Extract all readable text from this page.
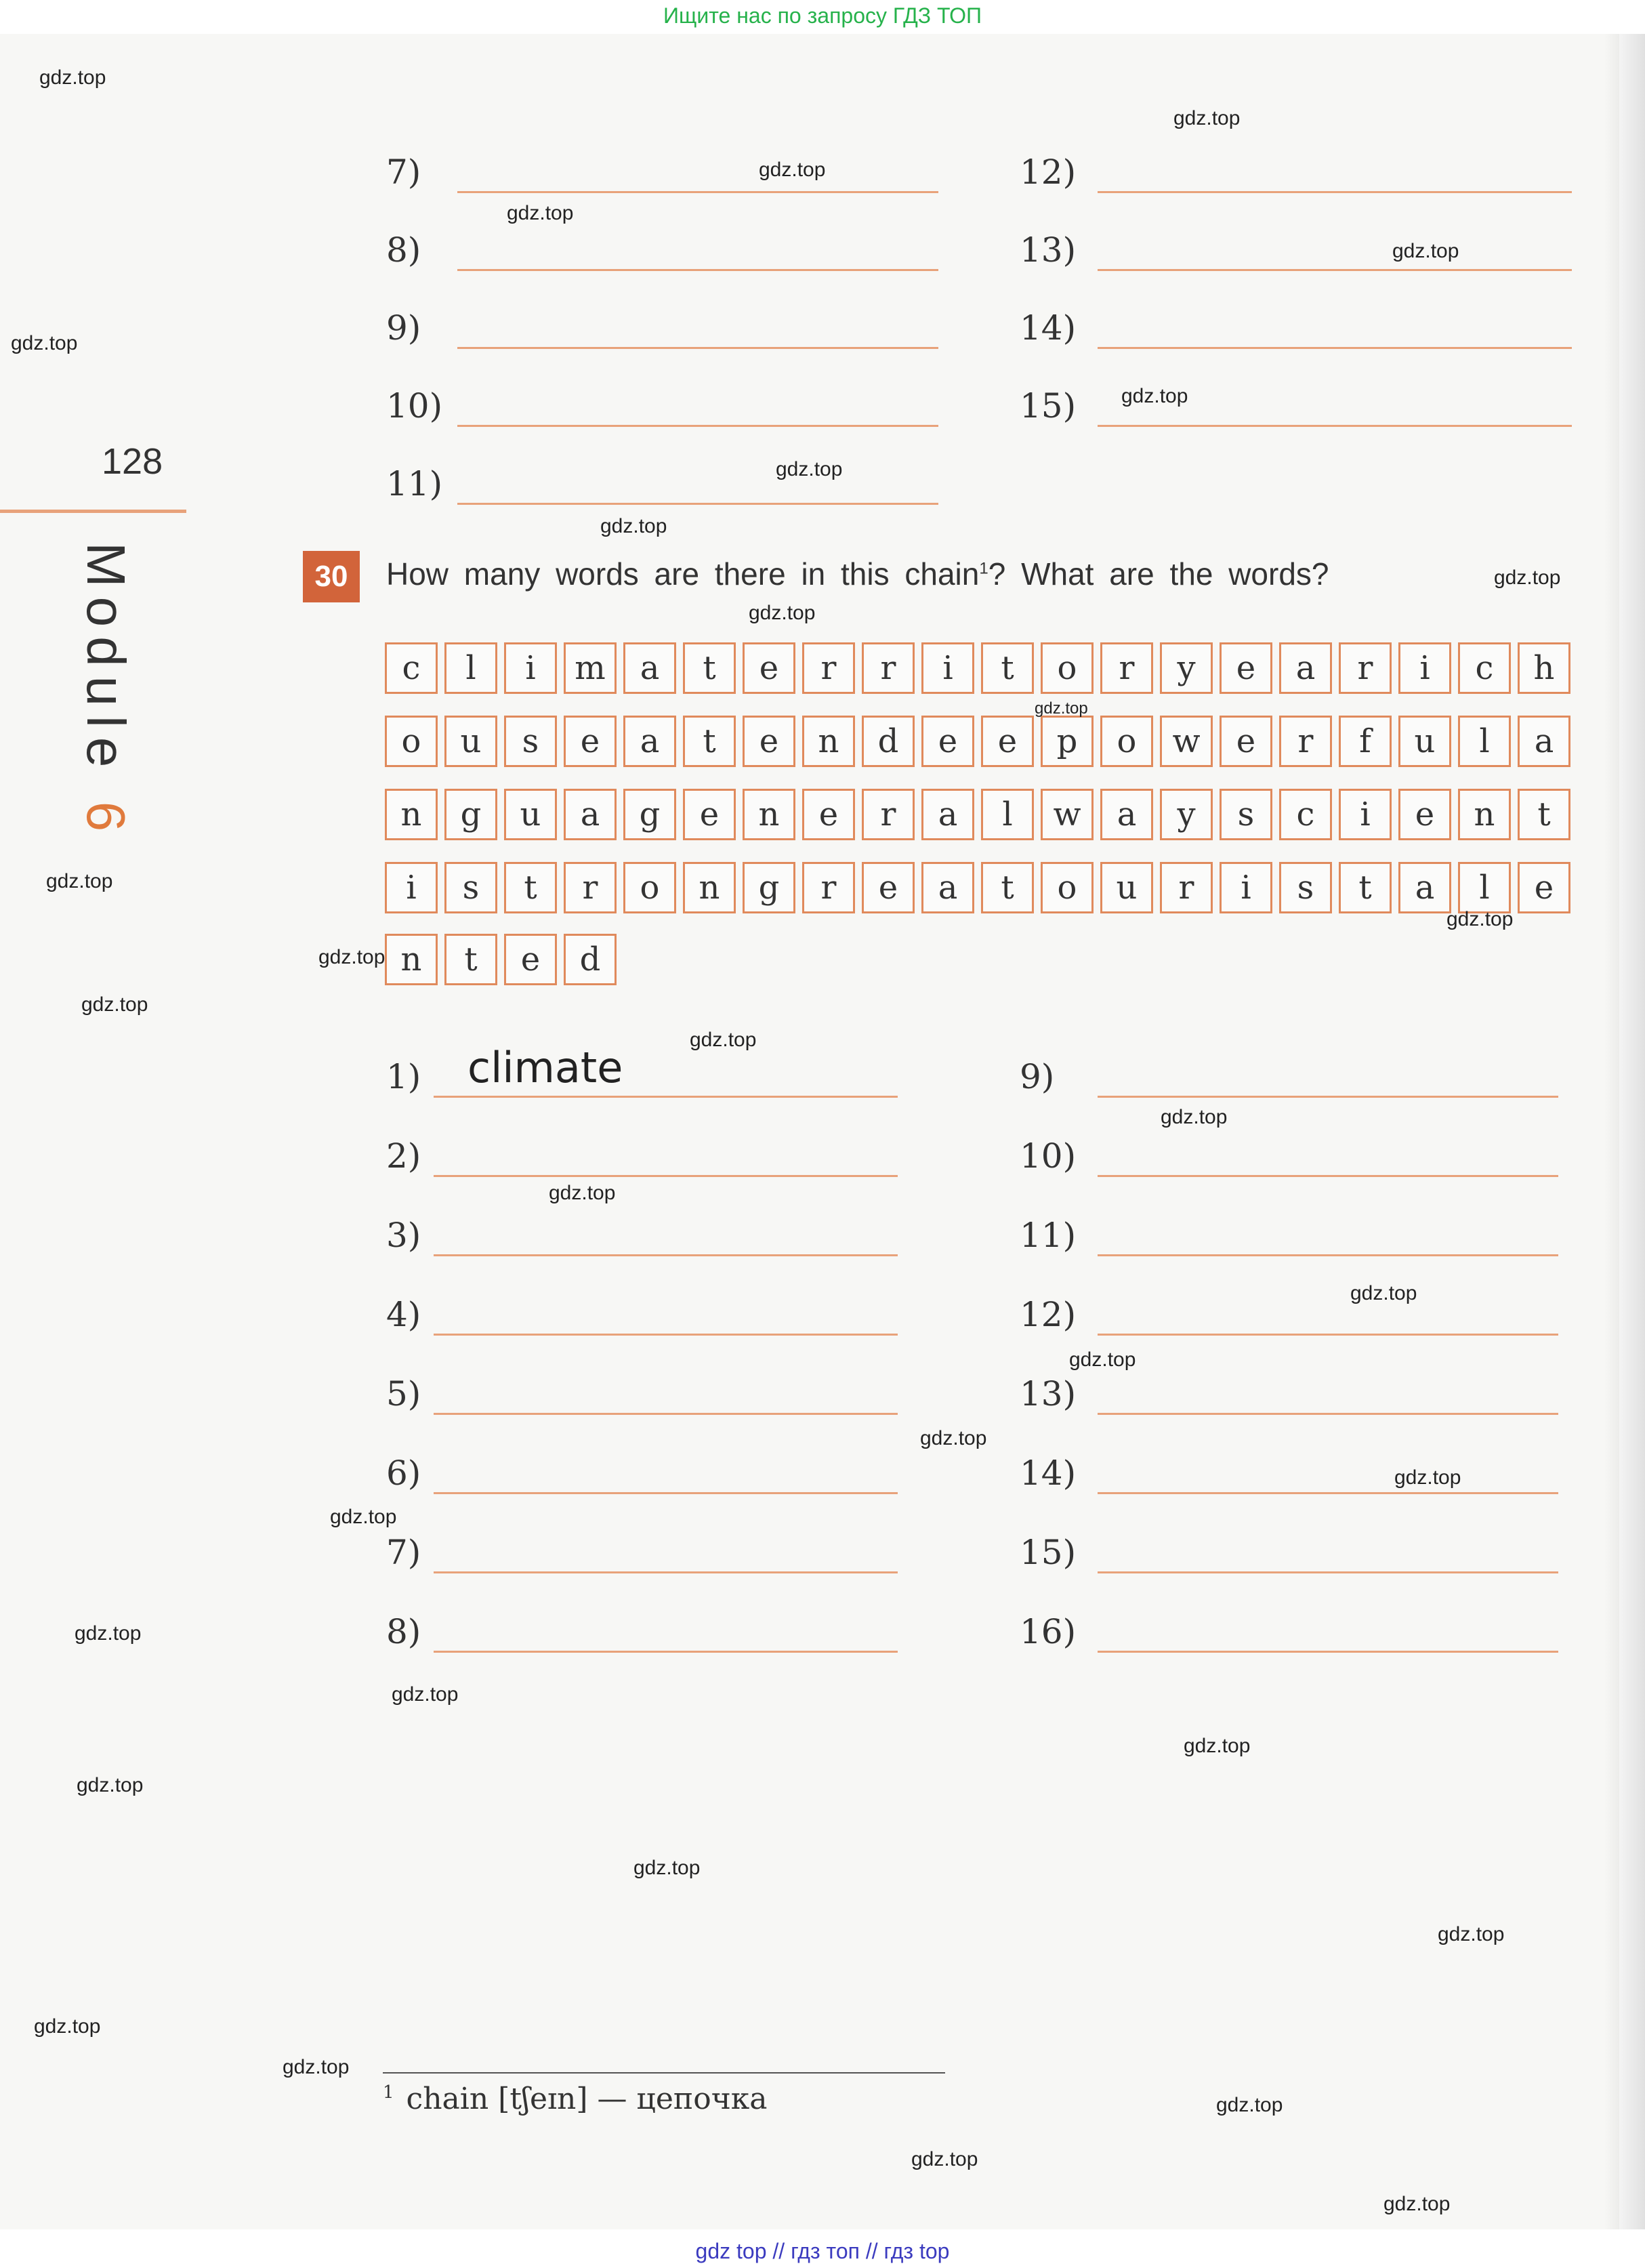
Ищите нас по запросу ГДЗ ТОП
128
Module 6
7)
8)
9)
10)
11)
12)
13)
14)
15)
30	How many words are there in this chain$^1$? What are the words?
c	l	i	m	a	t	e	r	r	i	t	o	r	y	e	a	r	i	c	h
o	u	s	e	a	t	e	n	d	e	e	p	o	w	e	r	f	u	l	a
n	g	u	a	g	e	n	e	r	a	l	w	a	y	s	c	i	e	n	t
i	s	t	r	o	n	g	r	e	a	t	o	u	r	i	s	t	a	l	e
n	t	e	d
1) climate
2)
3)
4)
5)
6)
7)
8)
9)
10)
11)
12)
13)
14)
15)
16)
$^1$ chain [tʃeɪn] — цепочка
gdz.top
gdz.top
gdz.top
gdz.top
gdz.top
gdz.top
gdz.top
gdz.top
gdz.top
gdz.top
gdz.top
gdz.top
gdz.top
gdz.top
gdz.top
gdz.top
gdz.top
gdz.top
gdz.top
gdz.top
gdz.top
gdz.top
gdz.top
gdz.top
gdz.top
gdz.top
gdz.top
gdz.top
gdz.top
gdz.top
gdz.top
gdz.top
gdz.top
gdz.top
gdz.top
gdz top // гдз топ // гдз top
